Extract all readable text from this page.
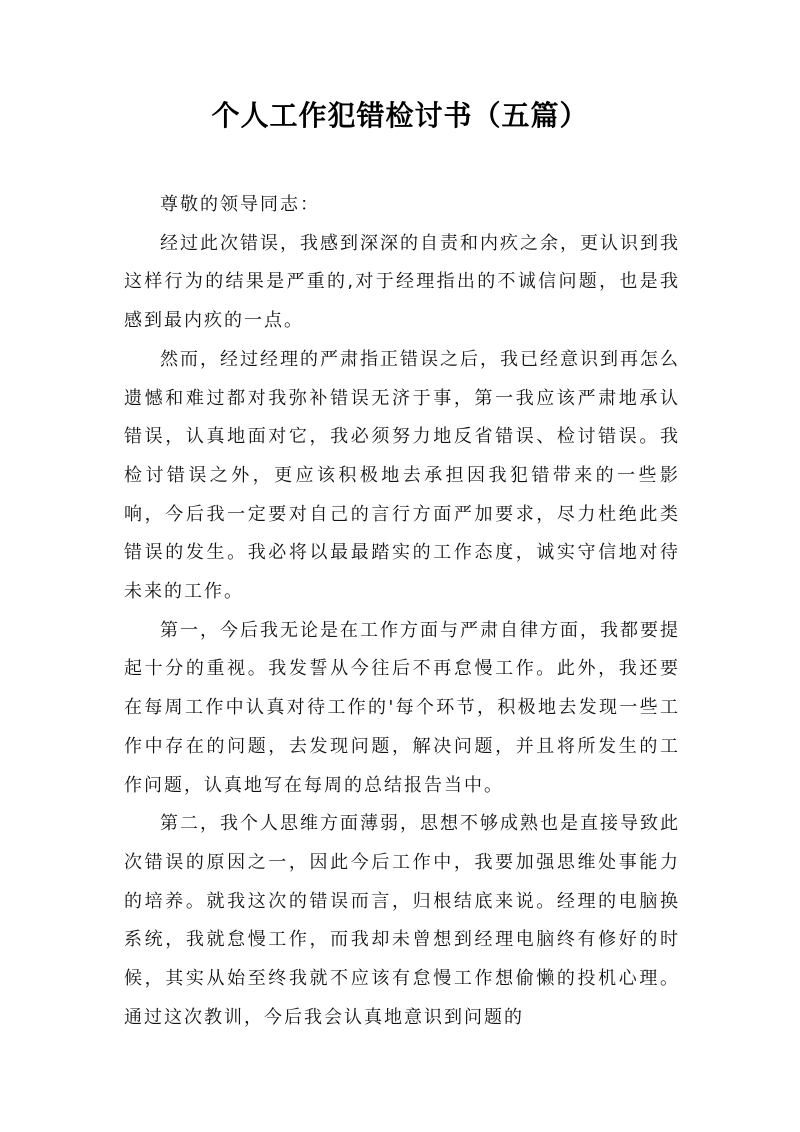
个人工作犯错检讨书（五篇）

尊敬的领导同志：

经过此次错误，我感到深深的自责和内疚之余，更认识到我这样行为的结果是严重的,对于经理指出的不诚信问题，也是我感到最内疚的一点。

然而，经过经理的严肃指正错误之后，我已经意识到再怎么遗憾和难过都对我弥补错误无济于事，第一我应该严肃地承认错误，认真地面对它，我必须努力地反省错误、检讨错误。我检讨错误之外，更应该积极地去承担因我犯错带来的一些影响，今后我一定要对自己的言行方面严加要求，尽力杜绝此类错误的发生。我必将以最最踏实的工作态度，诚实守信地对待未来的工作。

第一，今后我无论是在工作方面与严肃自律方面，我都要提起十分的重视。我发誓从今往后不再怠慢工作。此外，我还要在每周工作中认真对待工作的'每个环节，积极地去发现一些工作中存在的问题，去发现问题，解决问题，并且将所发生的工作问题，认真地写在每周的总结报告当中。

第二，我个人思维方面薄弱，思想不够成熟也是直接导致此次错误的原因之一，因此今后工作中，我要加强思维处事能力的培养。就我这次的错误而言，归根结底来说。经理的电脑换系统，我就怠慢工作，而我却未曾想到经理电脑终有修好的时候，其实从始至终我就不应该有怠慢工作想偷懒的投机心理。通过这次教训，今后我会认真地意识到问题的
